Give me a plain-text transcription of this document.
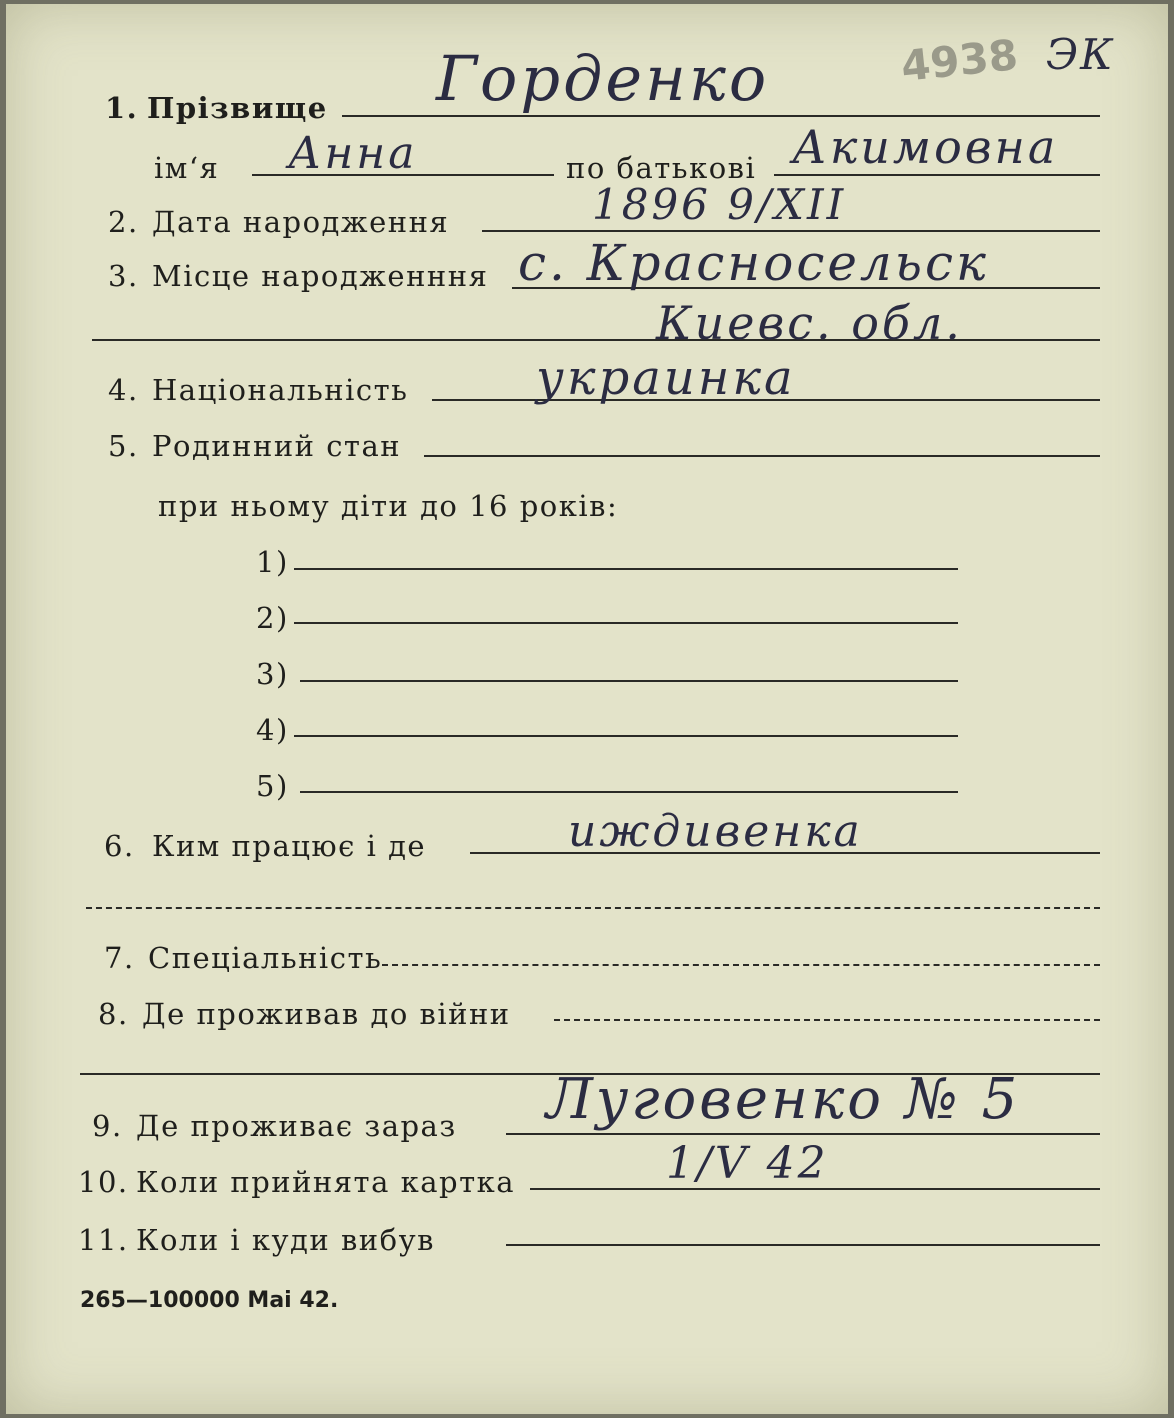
4938 ЭК
1. Прізвище Горденко
ім‘я Анна	по батькові Акимовна
2. Дата народження	1896 9/XII
3. Місце народженння с. Красносельск
Киевс. обл.
4. Національність	украинка
5. Родинний стан
при ньому діти до 16 років:
1)
2)
3)
4)
5)
6. Ким працює і де	иждивенка
7. Спеціальність
8. Де проживав до війни
9. Де проживає зараз Луговенко № 5
10. Коли прийнята картка	1/V 42
11. Коли і куди вибув
265—100000 Mai 42.
